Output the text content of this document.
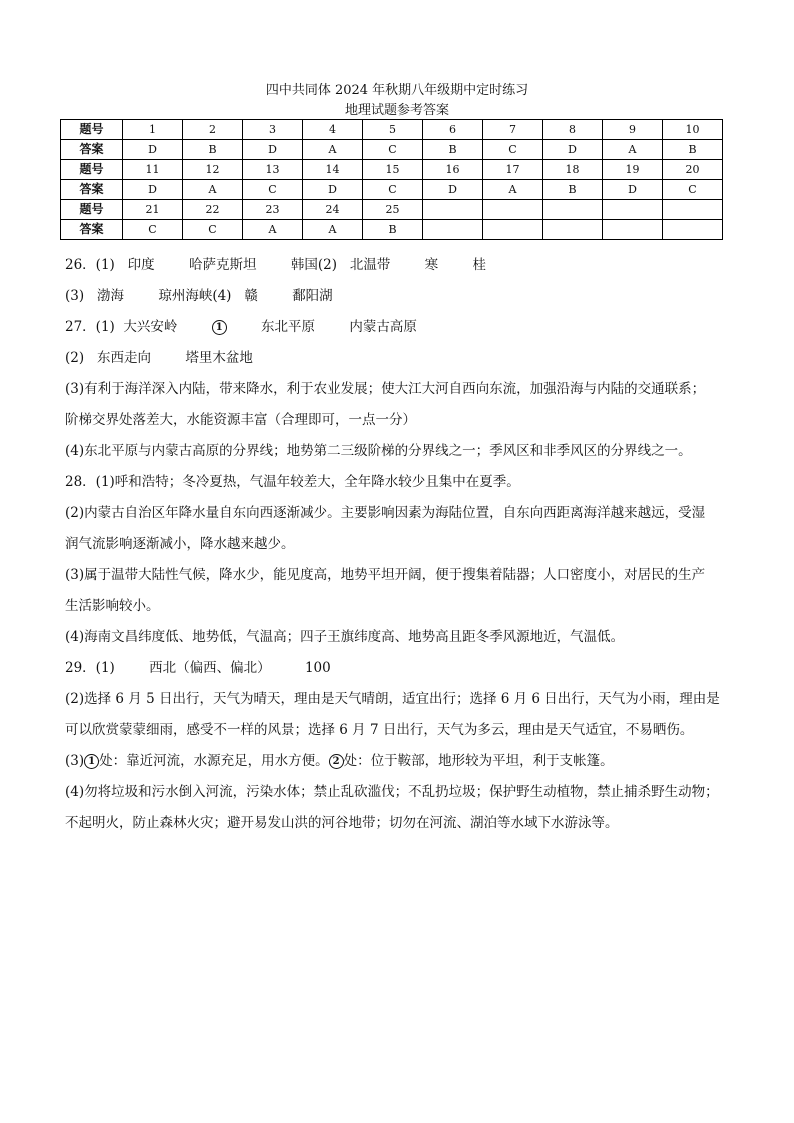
四中共同体 2024 年秋期八年级期中定时练习
地理试题参考答案
题号	1	2	3	4	5	6	7	8	9	10
答案	D	B	D	A	C	B	C	D	A	B
题号	11	12	13	14	15	16	17	18	19	20
答案	D	A	C	D	C	D	A	B	D	C
题号	21	22	23	24	25					
答案	C	C	A	A	B					

26．(1)   印度        哈萨克斯坦        韩国(2)   北温带        寒        桂

(3)   渤海        琼州海峡(4)   赣        鄱阳湖

27．(1)  大兴安岭        1        东北平原        内蒙古高原

(2)   东西走向        塔里木盆地

(3)有利于海洋深入内陆，带来降水，利于农业发展；使大江大河自西向东流，加强沿海与内陆的交通联系；

阶梯交界处落差大，水能资源丰富（合理即可，一点一分）

(4)东北平原与内蒙古高原的分界线；地势第二三级阶梯的分界线之一；季风区和非季风区的分界线之一。

28．(1)呼和浩特；冬冷夏热，气温年较差大，全年降水较少且集中在夏季。

(2)内蒙古自治区年降水量自东向西逐渐减少。主要影响因素为海陆位置，自东向西距离海洋越来越远，受湿

润气流影响逐渐减小，降水越来越少。

(3)属于温带大陆性气候，降水少，能见度高，地势平坦开阔，便于搜集着陆器；人口密度小，对居民的生产

生活影响较小。

(4)海南文昌纬度低、地势低，气温高；四子王旗纬度高、地势高且距冬季风源地近，气温低。

29．(1)        西北（偏西、偏北）        100

(2)选择 6 月 5 日出行，天气为晴天，理由是天气晴朗，适宜出行；选择 6 月 6 日出行，天气为小雨，理由是

可以欣赏蒙蒙细雨，感受不一样的风景；选择 6 月 7 日出行，天气为多云，理由是天气适宜，不易晒伤。

(3) 1 处：靠近河流，水源充足，用水方便。 2 处：位于鞍部，地形较为平坦，利于支帐篷。

(4)勿将垃圾和污水倒入河流，污染水体；禁止乱砍滥伐；不乱扔垃圾；保护野生动植物，禁止捕杀野生动物；

不起明火，防止森林火灾；避开易发山洪的河谷地带；切勿在河流、湖泊等水域下水游泳等。
